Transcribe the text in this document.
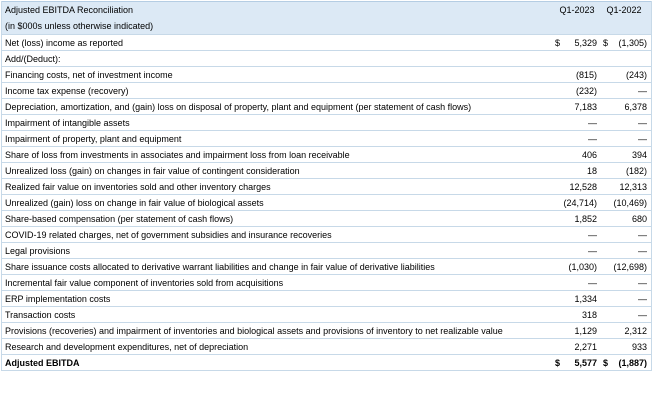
Adjusted EBITDA Reconciliation	Q1-2023	Q1-2022
(in $000s unless otherwise indicated)
Net (loss) income as reported	$	5,329 $	(1,305)
Add/(Deduct):
Financing costs, net of investment income	(815)	(243)
Income tax expense (recovery)	(232)	—
Depreciation, amortization, and (gain) loss on disposal of property, plant and equipment (per statement of cash flows)	7,183	6,378
Impairment of intangible assets	—	—
Impairment of property, plant and equipment	—	—
Share of loss from investments in associates and impairment loss from loan receivable	406	394
Unrealized loss (gain) on changes in fair value of contingent consideration	18	(182)
Realized fair value on inventories sold and other inventory charges	12,528	12,313
Unrealized (gain) loss on change in fair value of biological assets	(24,714) (10,469)
Share-based compensation (per statement of cash flows)	1,852	680
COVID-19 related charges, net of government subsidies and insurance recoveries	—	—
Legal provisions	—	—
Share issuance costs allocated to derivative warrant liabilities and change in fair value of derivative liabilities	(1,030) (12,698)
Incremental fair value component of inventories sold from acquisitions	—	—
ERP implementation costs	1,334	—
Transaction costs	318	—
Provisions (recoveries) and impairment of inventories and biological assets and provisions of inventory to net realizable value	1,129	2,312
Research and development expenditures, net of depreciation	2,271	933
Adjusted EBITDA	$	5,577 $	(1,887)
